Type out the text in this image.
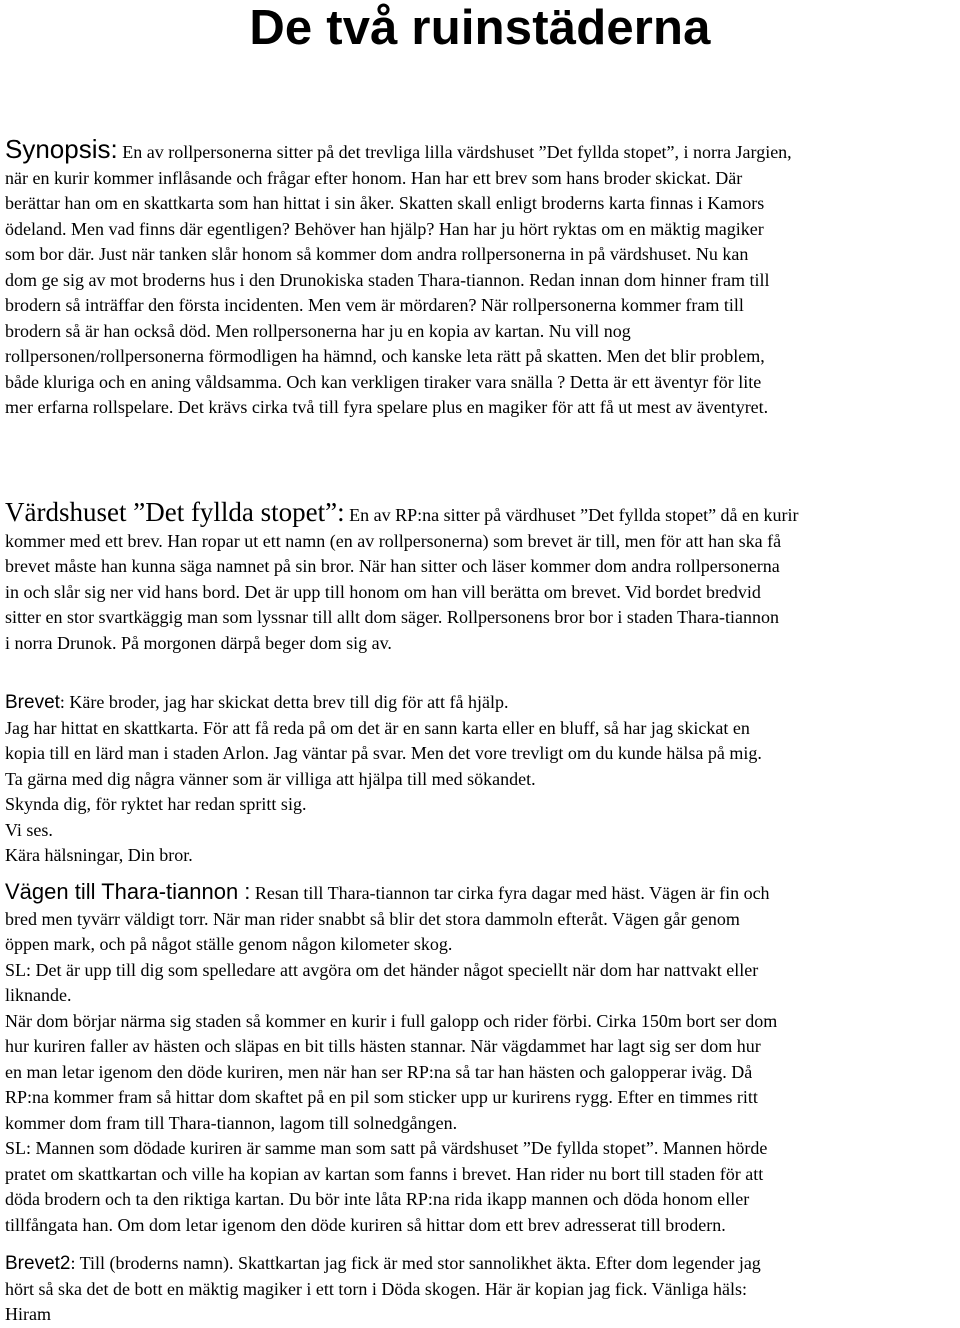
De två ruinstäderna

Synopsis: En av rollpersonerna sitter på det trevliga lilla värdshuset ”Det fyllda stopet”, i norra Jargien,
när en kurir kommer inflåsande och frågar efter honom. Han har ett brev som hans broder skickat. Där
berättar han om en skattkarta som han hittat i sin åker. Skatten skall enligt broderns karta finnas i Kamors
ödeland. Men vad finns där egentligen? Behöver han hjälp? Han har ju hört ryktas om en mäktig magiker
som bor där. Just när tanken slår honom så kommer dom andra rollpersonerna in på värdshuset. Nu kan
dom ge sig av mot broderns hus i den Drunokiska staden Thara-tiannon. Redan innan dom hinner fram till
brodern så inträffar den första incidenten. Men vem är mördaren? När rollpersonerna kommer fram till
brodern så är han också död. Men rollpersonerna har ju en kopia av kartan. Nu vill nog
rollpersonen/rollpersonerna förmodligen ha hämnd, och kanske leta rätt på skatten. Men det blir problem,
både kluriga och en aning våldsamma. Och kan verkligen tiraker vara snälla ? Detta är ett äventyr för lite
mer erfarna rollspelare. Det krävs cirka två till fyra spelare plus en magiker för att få ut mest av äventyret.

Värdshuset ”Det fyllda stopet”: En av RP:na sitter på värdhuset ”Det fyllda stopet” då en kurir
kommer med ett brev. Han ropar ut ett namn (en av rollpersonerna) som brevet är till, men för att han ska få
brevet måste han kunna säga namnet på sin bror. När han sitter och läser kommer dom andra rollpersonerna
in och slår sig ner vid hans bord. Det är upp till honom om han vill berätta om brevet. Vid bordet bredvid
sitter en stor svartkäggig man som lyssnar till allt dom säger. Rollpersonens bror bor i staden Thara-tiannon
i norra Drunok. På morgonen därpå beger dom sig av.

Brevet: Käre broder, jag har skickat detta brev till dig för att få hjälp.
Jag har hittat en skattkarta. För att få reda på om det är en sann karta eller en bluff, så har jag skickat en
kopia till en lärd man i staden Arlon. Jag väntar på svar. Men det vore trevligt om du kunde hälsa på mig.
Ta gärna med dig några vänner som är villiga att hjälpa till med sökandet.
Skynda dig, för ryktet har redan spritt sig.
Vi ses.
Kära hälsningar, Din bror.

Vägen till Thara-tiannon : Resan till Thara-tiannon tar cirka fyra dagar med häst. Vägen är fin och
bred men tyvärr väldigt torr. När man rider snabbt så blir det stora dammoln efteråt. Vägen går genom
öppen mark, och på något ställe genom någon kilometer skog.
SL: Det är upp till dig som spelledare att avgöra om det händer något speciellt när dom har nattvakt eller
liknande.
När dom börjar närma sig staden så kommer en kurir i full galopp och rider förbi. Cirka 150m bort ser dom
hur kuriren faller av hästen och släpas en bit tills hästen stannar. När vägdammet har lagt sig ser dom hur
en man letar igenom den döde kuriren, men när han ser RP:na så tar han hästen och galopperar iväg. Då
RP:na kommer fram så hittar dom skaftet på en pil som sticker upp ur kurirens rygg. Efter en timmes ritt
kommer dom fram till Thara-tiannon, lagom till solnedgången.
SL: Mannen som dödade kuriren är samme man som satt på värdshuset ”De fyllda stopet”. Mannen hörde
pratet om skattkartan och ville ha kopian av kartan som fanns i brevet. Han rider nu bort till staden för att
döda brodern och ta den riktiga kartan. Du bör inte låta RP:na rida ikapp mannen och döda honom eller
tillfångata han. Om dom letar igenom den döde kuriren så hittar dom ett brev adresserat till brodern.

Brevet2: Till (broderns namn). Skattkartan jag fick är med stor sannolikhet äkta. Efter dom legender jag
hört så ska det de bott en mäktig magiker i ett torn i Döda skogen. Här är kopian jag fick. Vänliga häls:
Hiram
